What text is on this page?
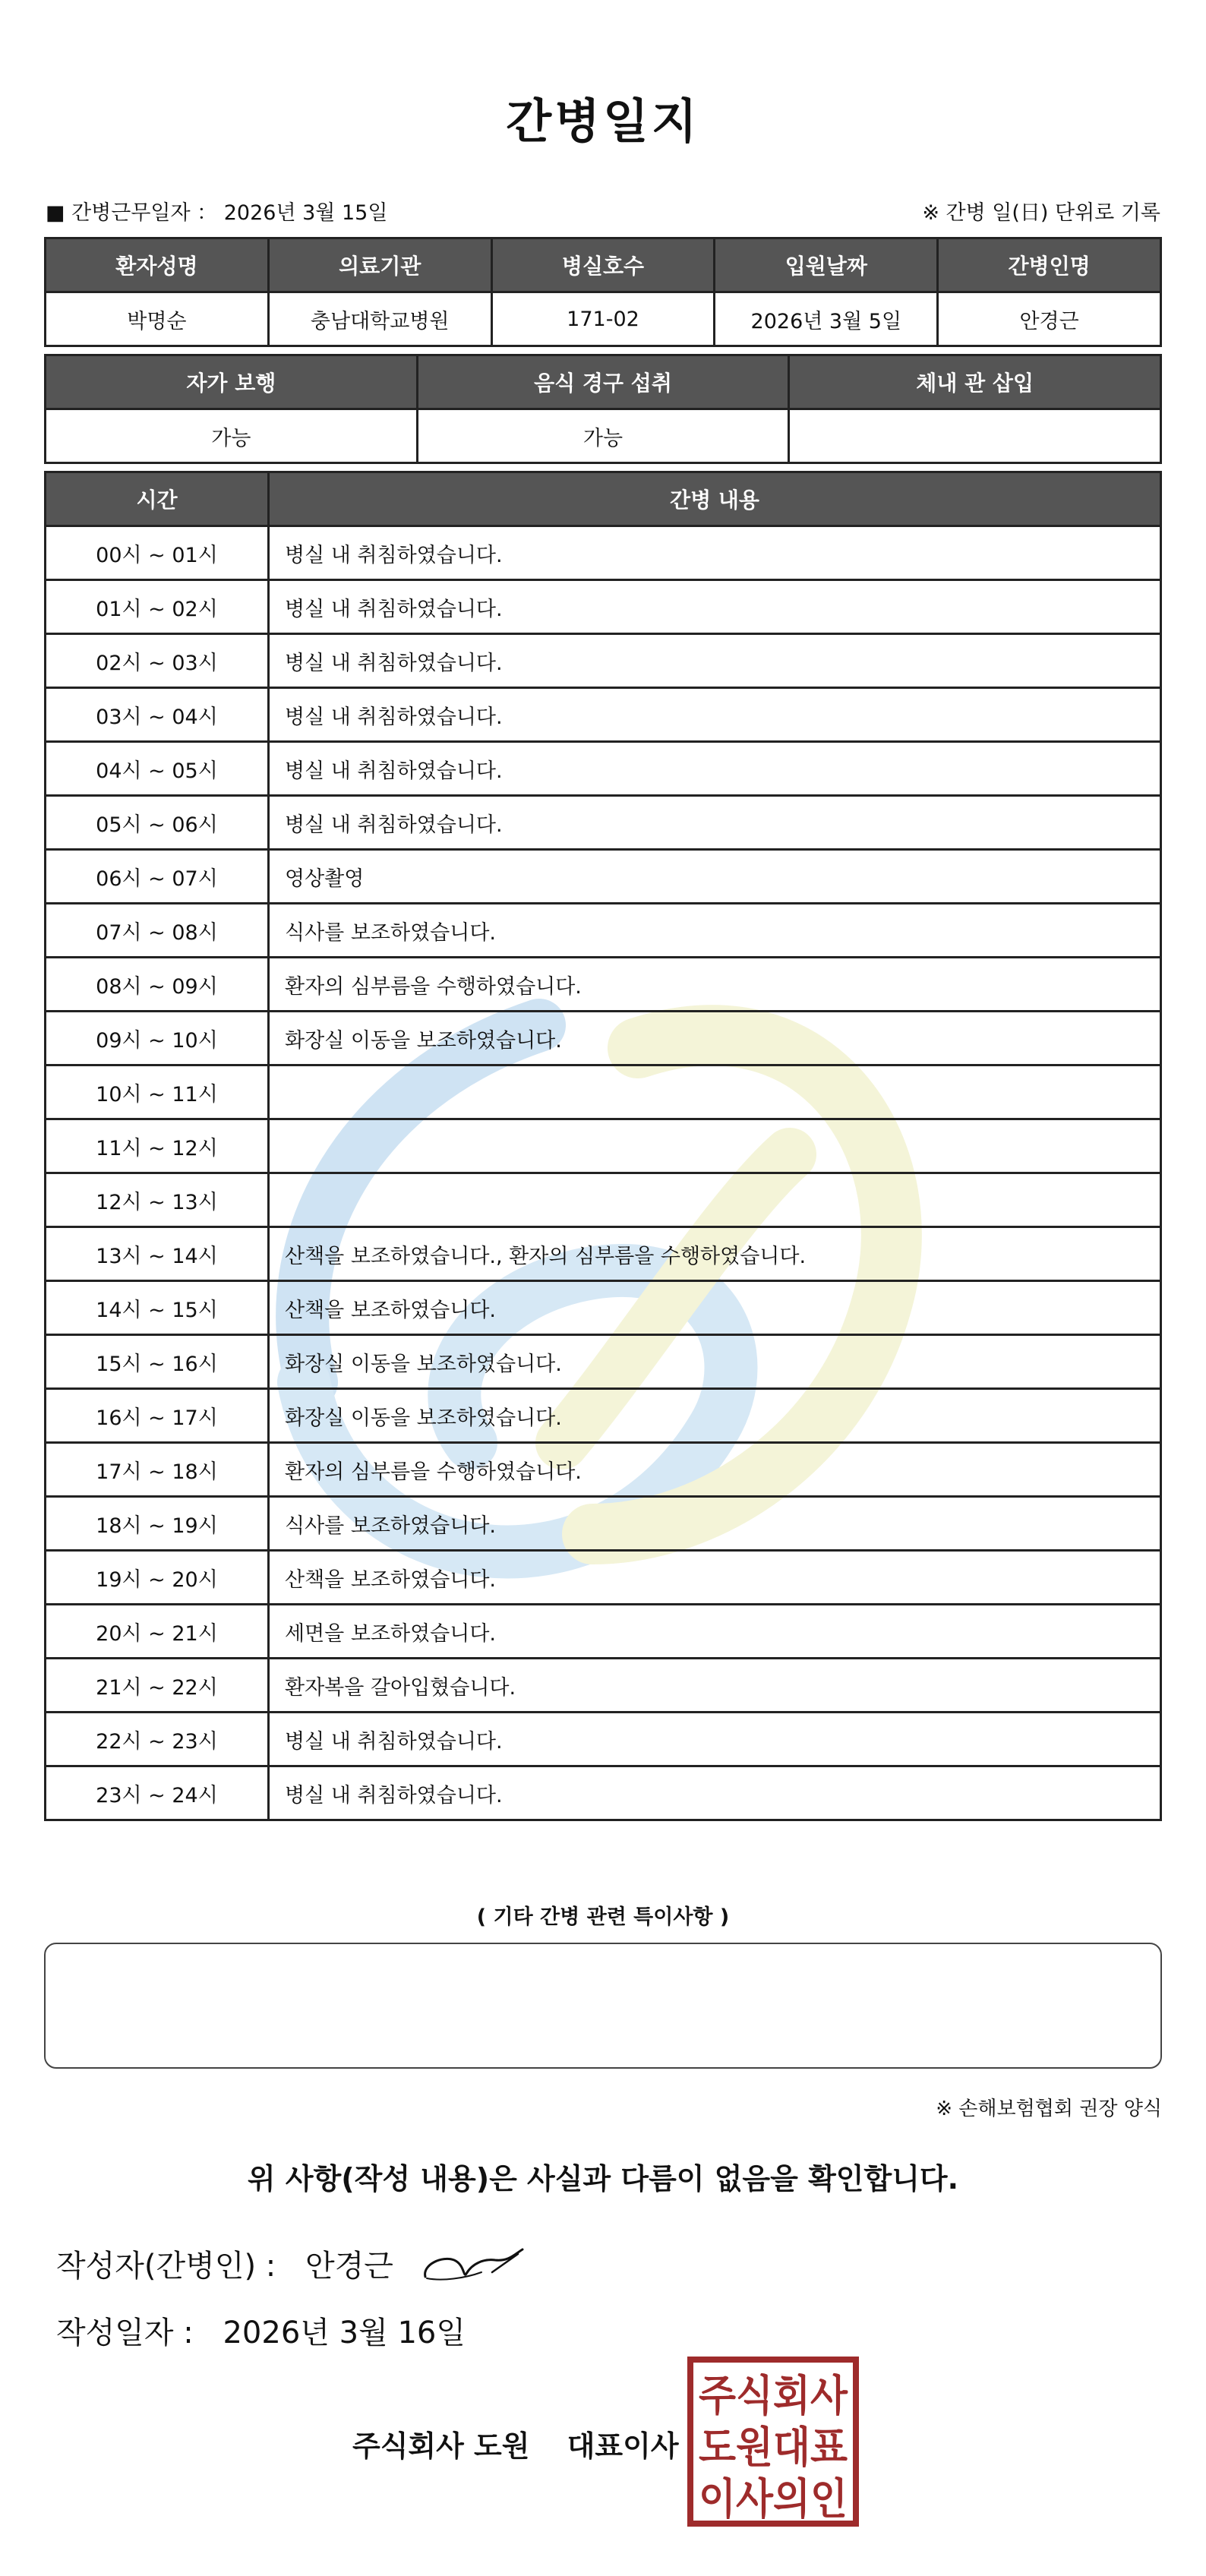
간병일지
■ 간병근무일자 ： 2026년 3월 15일	※ 간병 일(日) 단위로 기록
환자성명	의료기관	병실호수	입원날짜	간병인명
박명순	충남대학교병원	171-02	2026년 3월 5일	안경근
자가 보행	음식 경구 섭취	체내 관 삽입
가능	가능	
시간	간병 내용
00시 ~ 01시	병실 내 취침하였습니다.
01시 ~ 02시	병실 내 취침하였습니다.
02시 ~ 03시	병실 내 취침하였습니다.
03시 ~ 04시	병실 내 취침하였습니다.
04시 ~ 05시	병실 내 취침하였습니다.
05시 ~ 06시	병실 내 취침하였습니다.
06시 ~ 07시	영상촬영
07시 ~ 08시	식사를 보조하였습니다.
08시 ~ 09시	환자의 심부름을 수행하였습니다.
09시 ~ 10시	화장실 이동을 보조하였습니다.
10시 ~ 11시	
11시 ~ 12시	
12시 ~ 13시	
13시 ~ 14시	산책을 보조하였습니다., 환자의 심부름을 수행하였습니다.
14시 ~ 15시	산책을 보조하였습니다.
15시 ~ 16시	화장실 이동을 보조하였습니다.
16시 ~ 17시	화장실 이동을 보조하였습니다.
17시 ~ 18시	환자의 심부름을 수행하였습니다.
18시 ~ 19시	식사를 보조하였습니다.
19시 ~ 20시	산책을 보조하였습니다.
20시 ~ 21시	세면을 보조하였습니다.
21시 ~ 22시	환자복을 갈아입혔습니다.
22시 ~ 23시	병실 내 취침하였습니다.
23시 ~ 24시	병실 내 취침하였습니다.
( 기타 간병 관련 특이사항 )
※ 손해보험협회 권장 양식
위 사항(작성 내용)은 사실과 다름이 없음을 확인합니다.
작성자(간병인) : 안경근
작성일자 : 2026년 3월 16일
주식회사 도원 대표이사
주식회사
도원대표
이사의인
